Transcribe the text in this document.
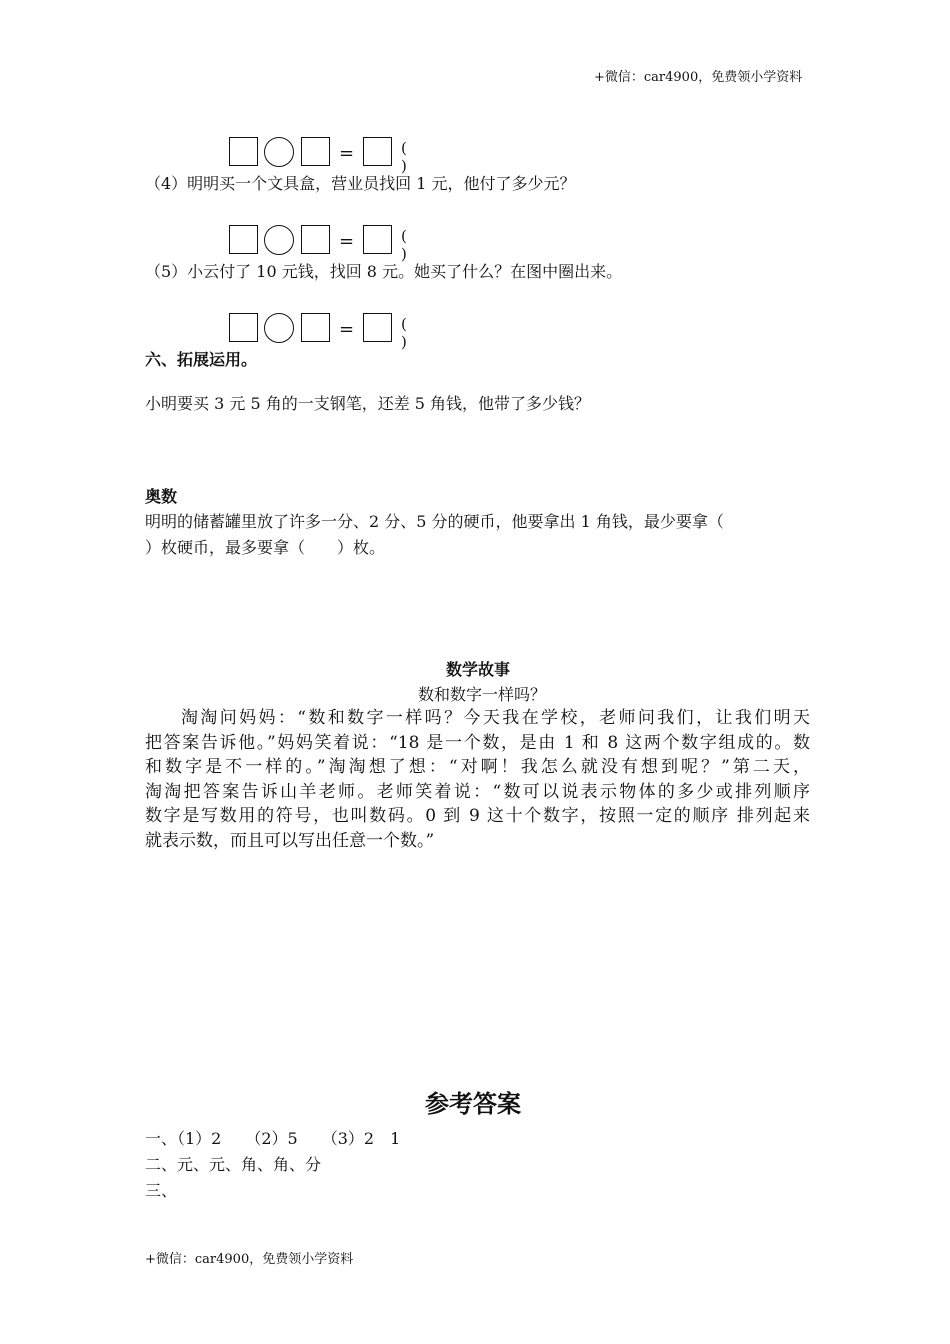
+微信：car4900，免费领小学资料
=	( )
（4）明明买一个文具盒，营业员找回 1 元，他付了多少元？
=	( )
（5）小云付了 10 元钱，找回 8 元。她买了什么？在图中圈出来。
=	( )
六、拓展运用。
小明要买 3 元 5 角的一支钢笔，还差 5 角钱，他带了多少钱？
奥数
明明的储蓄罐里放了许多一分、2 分、5 分的硬币，他要拿出 1 角钱，最少要拿（
）枚硬币，最多要拿（　　）枚。
数学故事
数和数字一样吗？

淘淘问妈妈：“数和数字一样吗？今天我在学校，老师问我们，让我们明天

把答案告诉他。”妈妈笑着说：“18 是一个数，是由 1 和 8 这两个数字组成的。数

和数字是不一样的。”淘淘想了想：“对啊！我怎么就没有想到呢？”第二天，

淘淘把答案告诉山羊老师。老师笑着说：“数可以说表示物体的多少或排列顺序

数字是写数用的符号，也叫数码。0 到 9 这十个数字，按照一定的顺序 排列起来

就表示数，而且可以写出任意一个数。”

参考答案
一、（1）2　　（2）5　　（3）2　1
二、元、元、角、角、分
三、
+微信：car4900，免费领小学资料
